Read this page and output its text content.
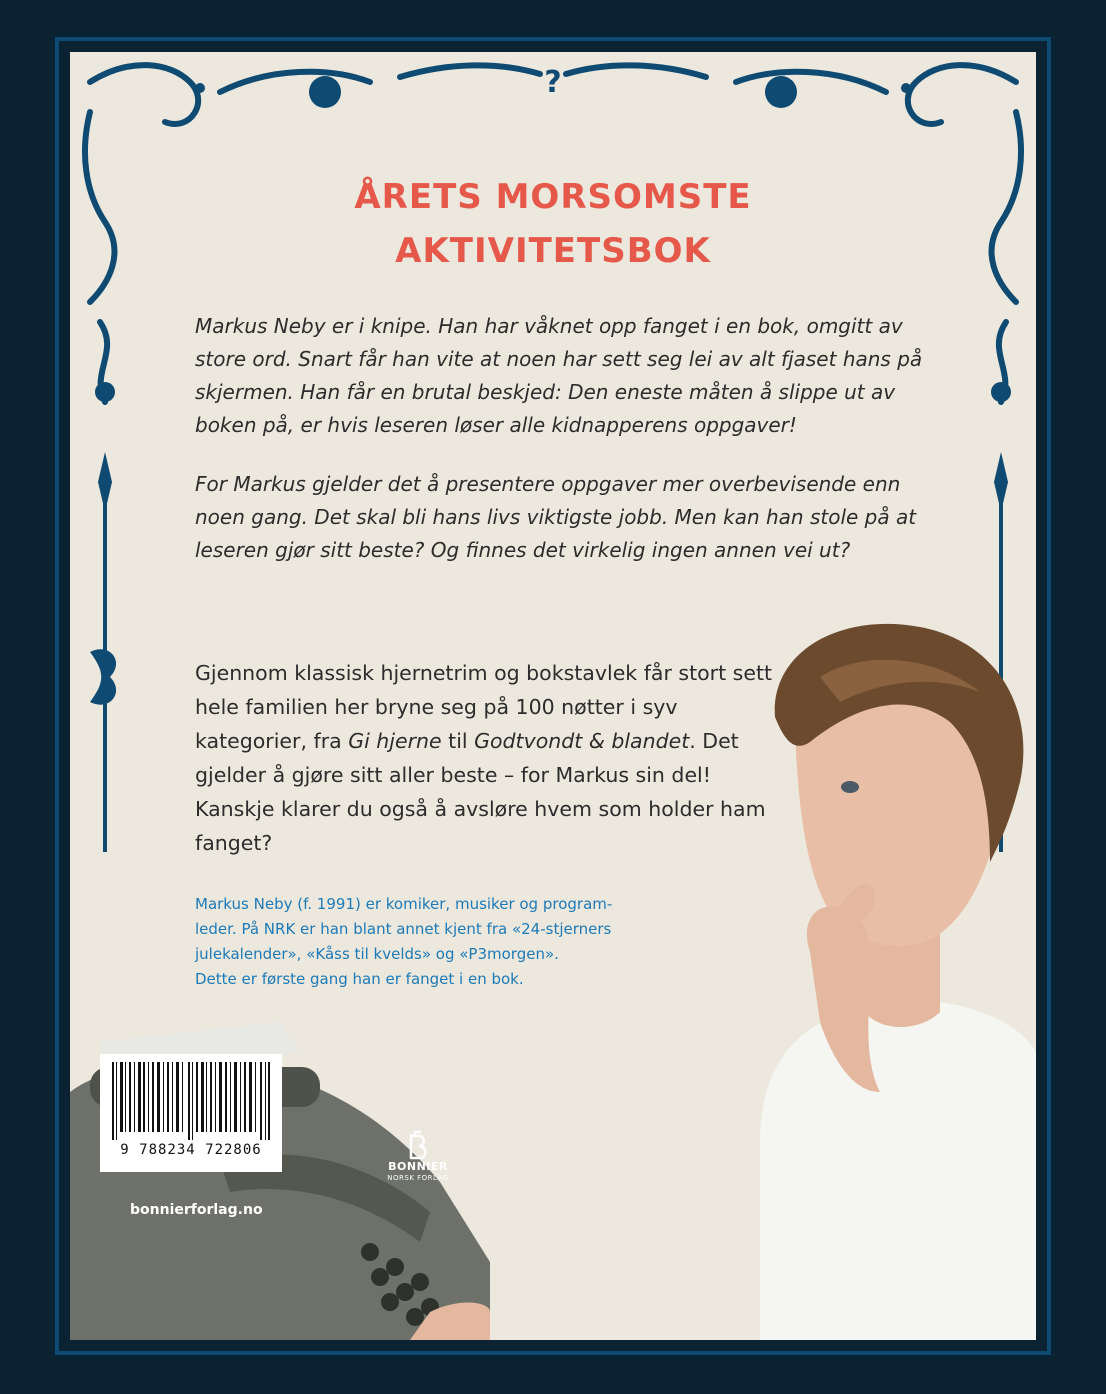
?
ÅRETS MORSOMSTE
AKTIVITETSBOK

Markus Neby er i knipe. Han har våknet opp fanget i en bok, omgitt av store ord. Snart får han vite at noen har sett seg lei av alt fjaset hans på skjermen. Han får en brutal beskjed: Den eneste måten å slippe ut av boken på, er hvis leseren løser alle kidnapperens oppgaver!

For Markus gjelder det å presentere oppgaver mer overbevisende enn noen gang. Det skal bli hans livs viktigste jobb. Men kan han stole på at leseren gjør sitt beste? Og finnes det virkelig ingen annen vei ut?

Gjennom klassisk hjernetrim og bokstavlek får stort sett hele familien her bryne seg på 100 nøtter i syv kategorier, fra Gi hjerne til Godtvondt & blandet. Det gjelder å gjøre sitt aller beste – for Markus sin del! Kanskje klarer du også å avsløre hvem som holder ham fanget?

Markus Neby (f. 1991) er komiker, musiker og program-
leder. På NRK er han blant annet kjent fra «24-stjerners
julekalender», «Kåss til kvelds» og «P3morgen».
Dette er første gang han er fanget i en bok.

9 788234 722806
BONNIER
NORSK FORLAG

bonnierforlag.no
